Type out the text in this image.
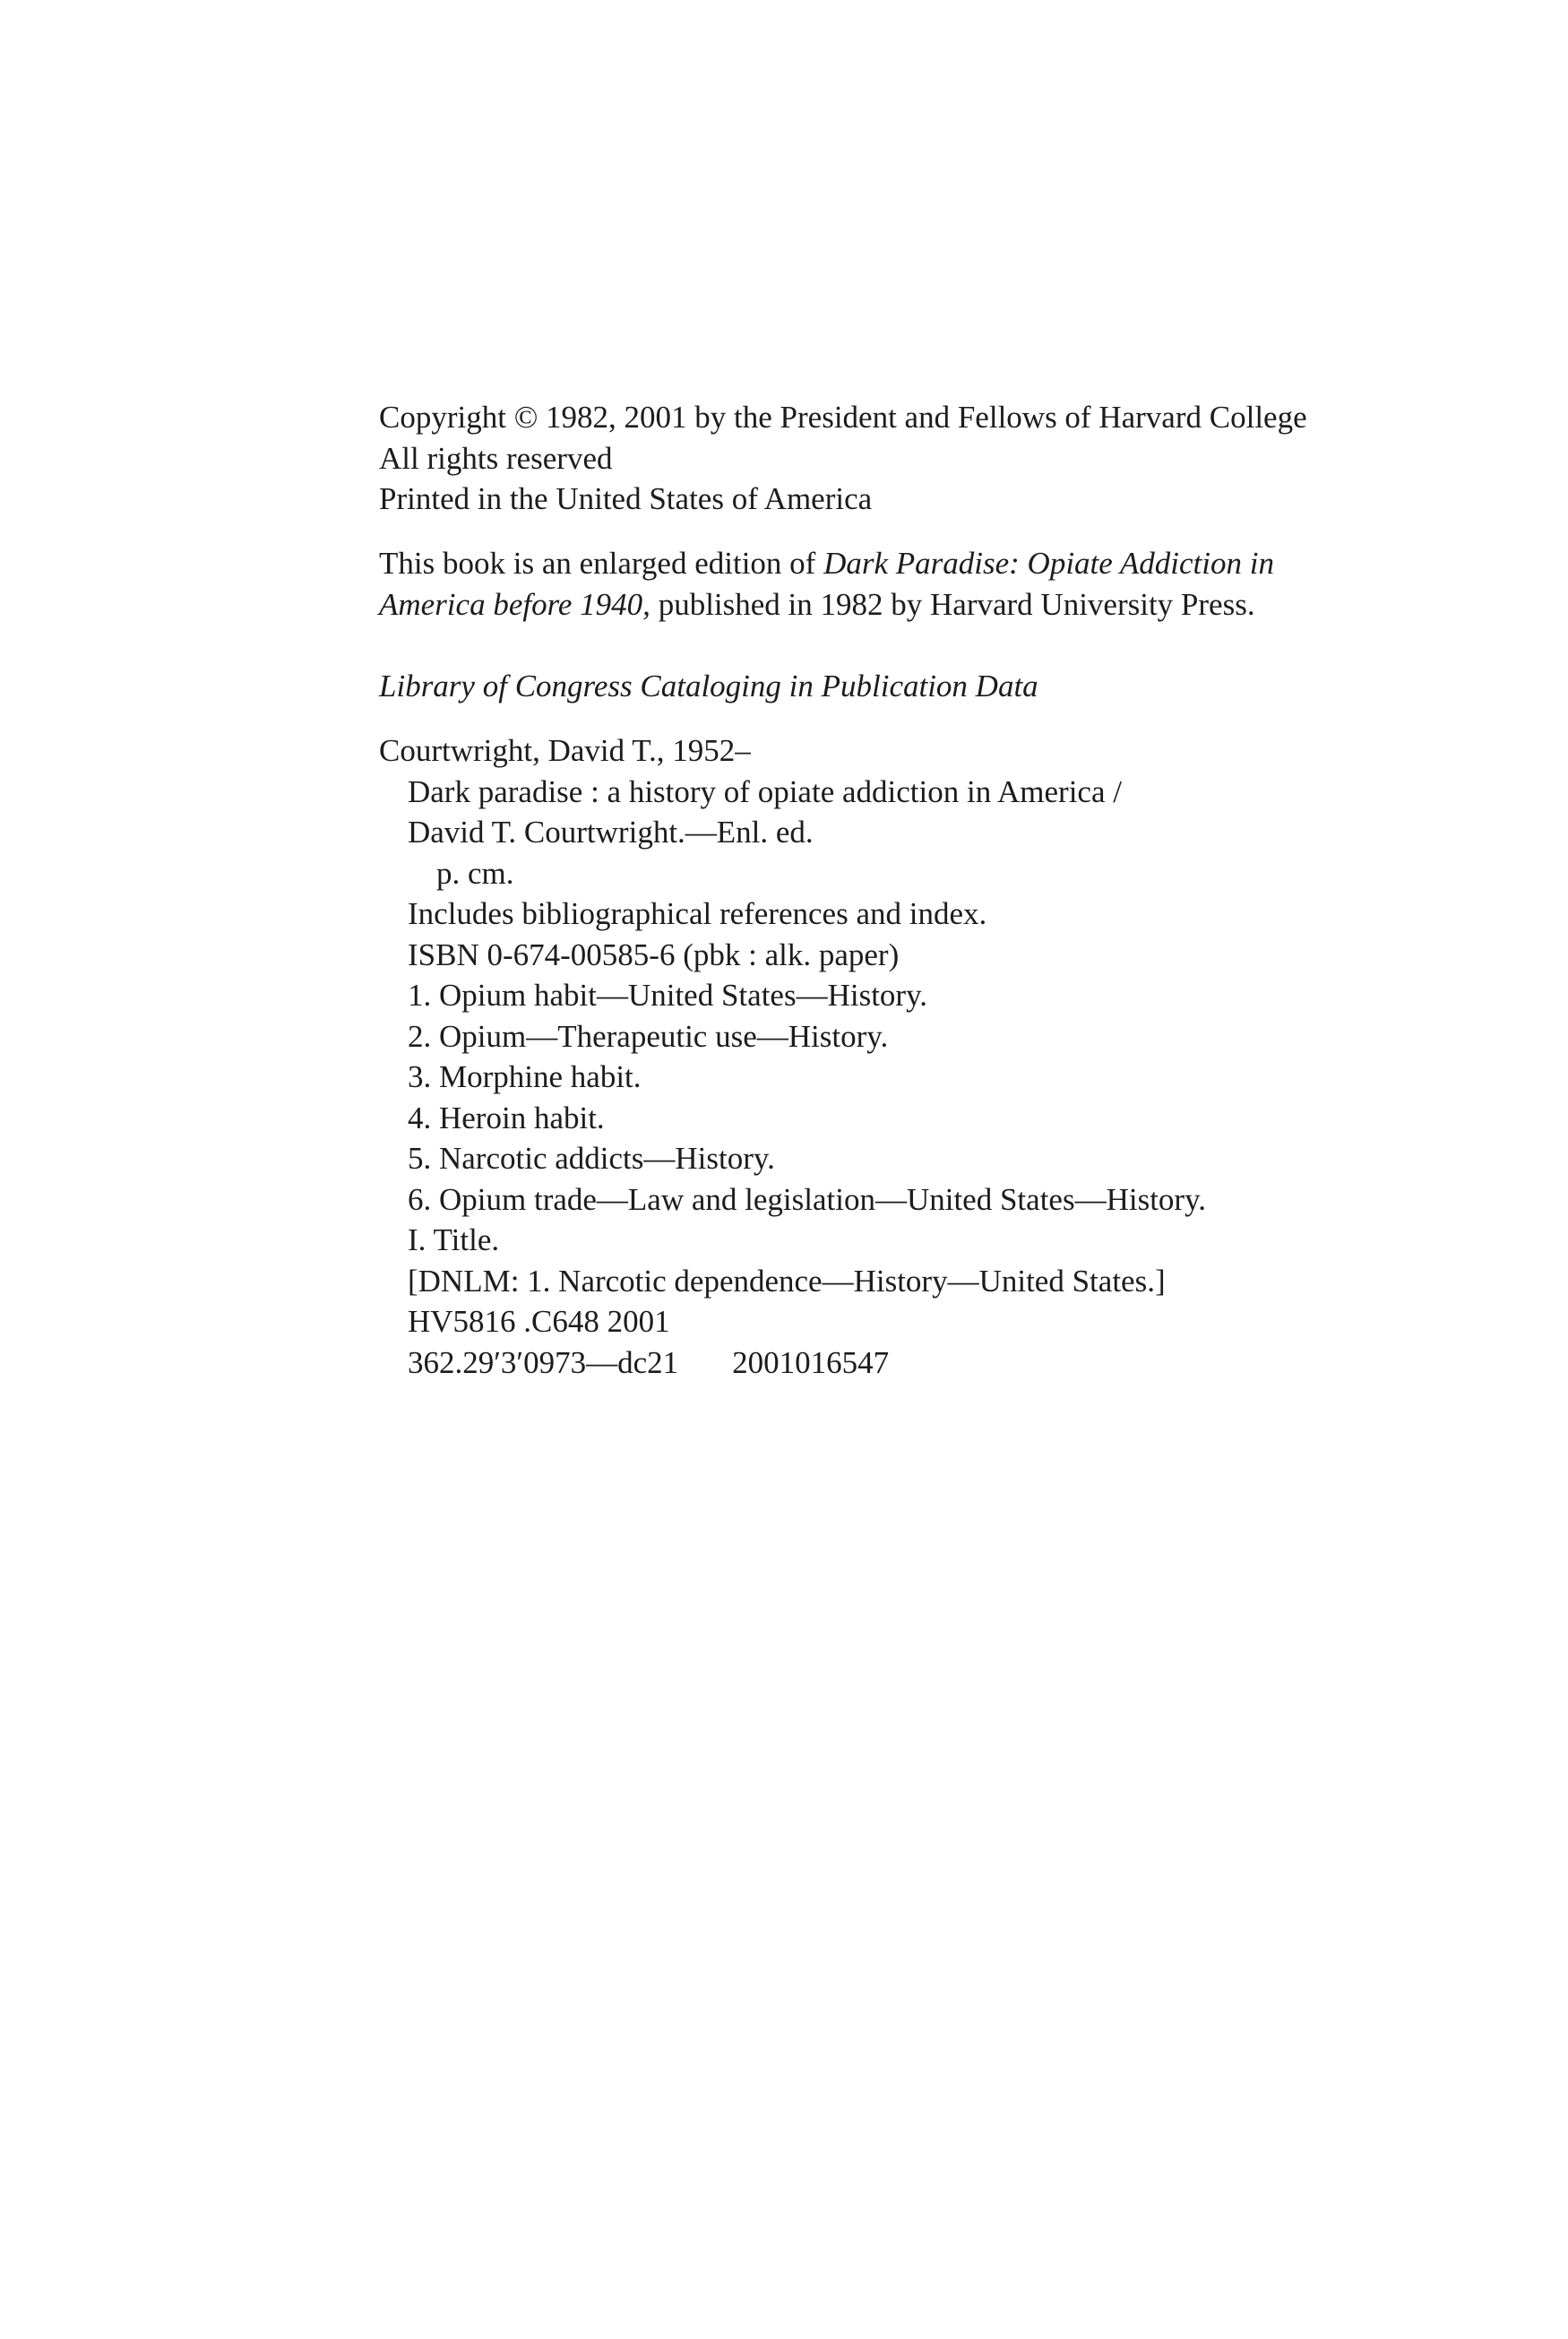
Copyright © 1982, 2001 by the President and Fellows of Harvard College
All rights reserved
Printed in the United States of America
This book is an enlarged edition of Dark Paradise: Opiate Addiction in
America before 1940, published in 1982 by Harvard University Press.
Library of Congress Cataloging in Publication Data
Courtwright, David T., 1952–
Dark paradise : a history of opiate addiction in America /
David T. Courtwright.—Enl. ed.
p. cm.
Includes bibliographical references and index.
ISBN 0-674-00585-6 (pbk : alk. paper)
1. Opium habit—United States—History.
2. Opium—Therapeutic use—History.
3. Morphine habit.
4. Heroin habit.
5. Narcotic addicts—History.
6. Opium trade—Law and legislation—United States—History.
I. Title.
[DNLM: 1. Narcotic dependence—History—United States.]
HV5816 .C648 2001
362.29′3′0973—dc21 2001016547
